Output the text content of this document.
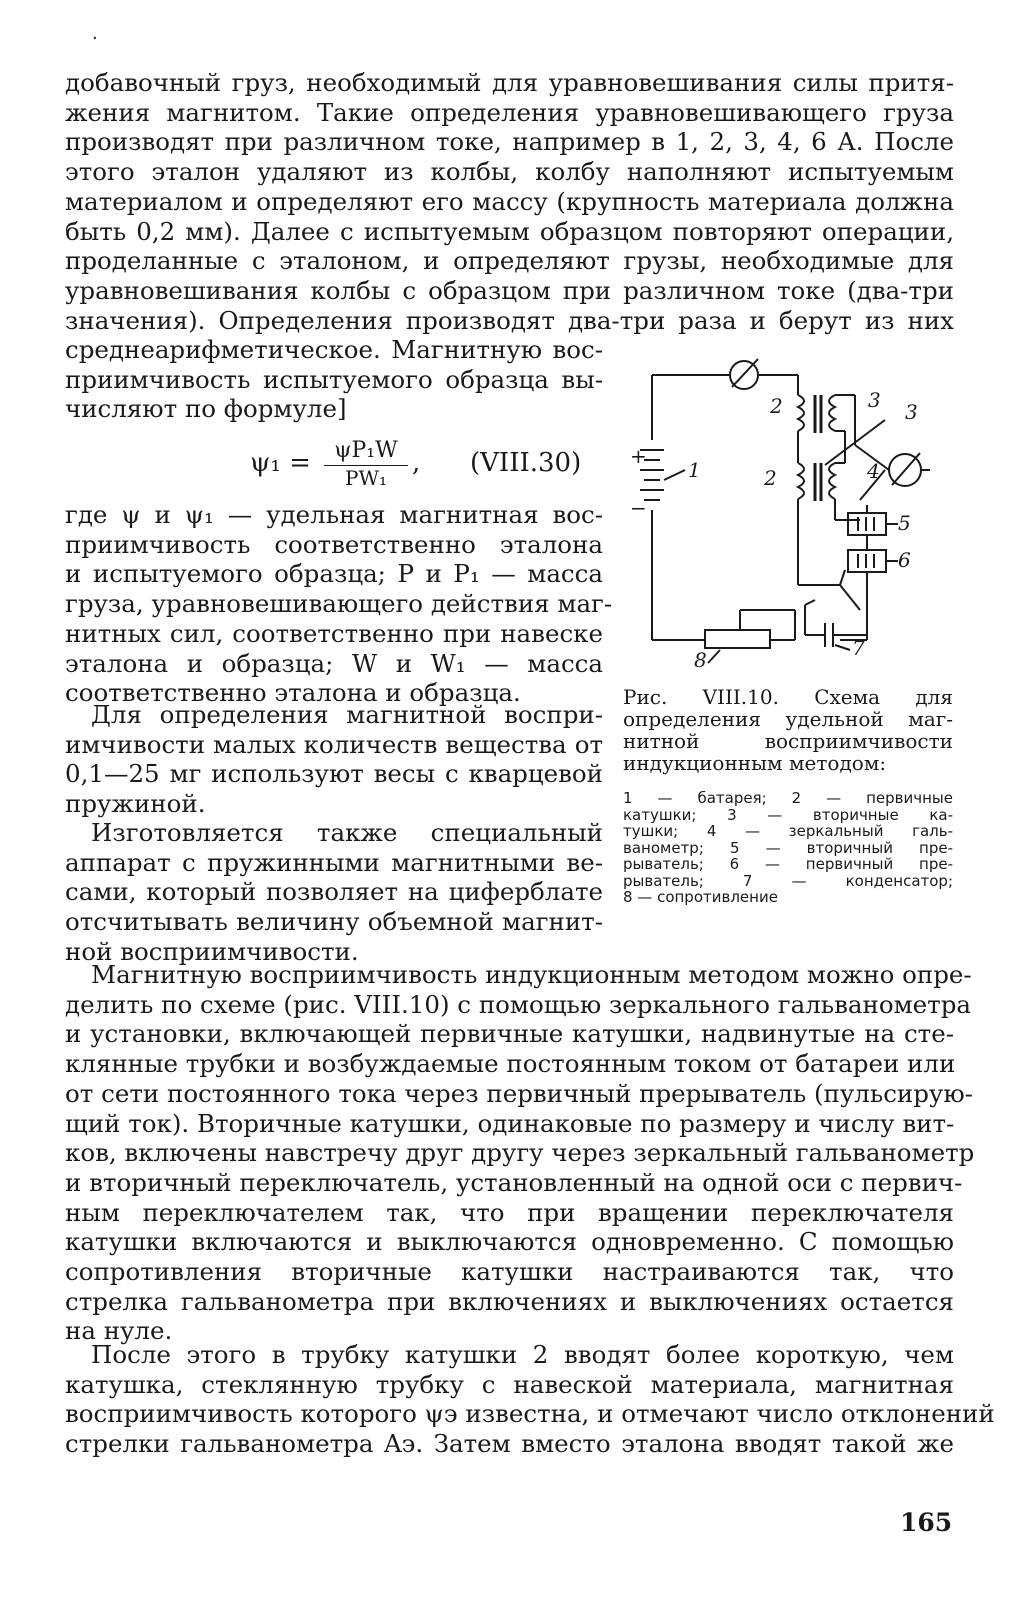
·
добавочный груз, необходимый для уравновешивания силы притя-
жения магнитом. Такие определения уравновешивающего груза
производят при различном токе, например в 1, 2, 3, 4, 6 А. После
этого эталон удаляют из колбы, колбу наполняют испытуемым
материалом и определяют его массу (крупность материала должна
быть 0,2 мм). Далее с испытуемым образцом повторяют операции,
проделанные с эталоном, и определяют грузы, необходимые для
уравновешивания колбы с образцом при различном токе (два-три
значения). Определения производят два-три раза и берут из них
среднеарифметическое. Магнитную вос-
приимчивость испытуемого образца вы-
числяют по формуле]
$\psi_1 = \frac{\text{ψP₁W}}{\text{PW₁}}$ , (VIII.30)
где ψ и ψ₁ — удельная магнитная вос-
приимчивость соответственно эталона
и испытуемого образца; P и P₁ — масса
груза, уравновешивающего действия маг-
нитных сил, соответственно при навеске
эталона и образца; W и W₁ — масса
соответственно эталона и образца.
Для определения магнитной воспри-
имчивости малых количеств вещества от
0,1—25 мг используют весы с кварцевой
пружиной.
Изготовляется также специальный
аппарат с пружинными магнитными ве-
сами, который позволяет на циферблате
отсчитывать величину объемной магнит-
ной восприимчивости.
+
−
1
2
2
3 3
4
5
6
7
8
Рис. VIII.10. Схема для
определения удельной маг-
нитной восприимчивости
индукционным методом:
1 — батарея; 2 — первичные
катушки; 3 — вторичные ка-
тушки; 4 — зеркальный галь-
ванометр; 5 — вторичный пре-
рыватель; 6 — первичный пре-
рыватель; 7 — конденсатор;
8 — сопротивление
Магнитную восприимчивость индукционным методом можно опре-
делить по схеме (рис. VIII.10) с помощью зеркального гальванометра
и установки, включающей первичные катушки, надвинутые на сте-
клянные трубки и возбуждаемые постоянным током от батареи или
от сети постоянного тока через первичный прерыватель (пульсирую-
щий ток). Вторичные катушки, одинаковые по размеру и числу вит-
ков, включены навстречу друг другу через зеркальный гальванометр
и вторичный переключатель, установленный на одной оси с первич-
ным переключателем так, что при вращении переключателя
катушки включаются и выключаются одновременно. С помощью
сопротивления вторичные катушки настраиваются так, что
стрелка гальванометра при включениях и выключениях остается
на нуле.
После этого в трубку катушки 2 вводят более короткую, чем
катушка, стеклянную трубку с навеской материала, магнитная
восприимчивость которого ψэ известна, и отмечают число отклонений
стрелки гальванометра Aэ. Затем вместо эталона вводят такой же
165
